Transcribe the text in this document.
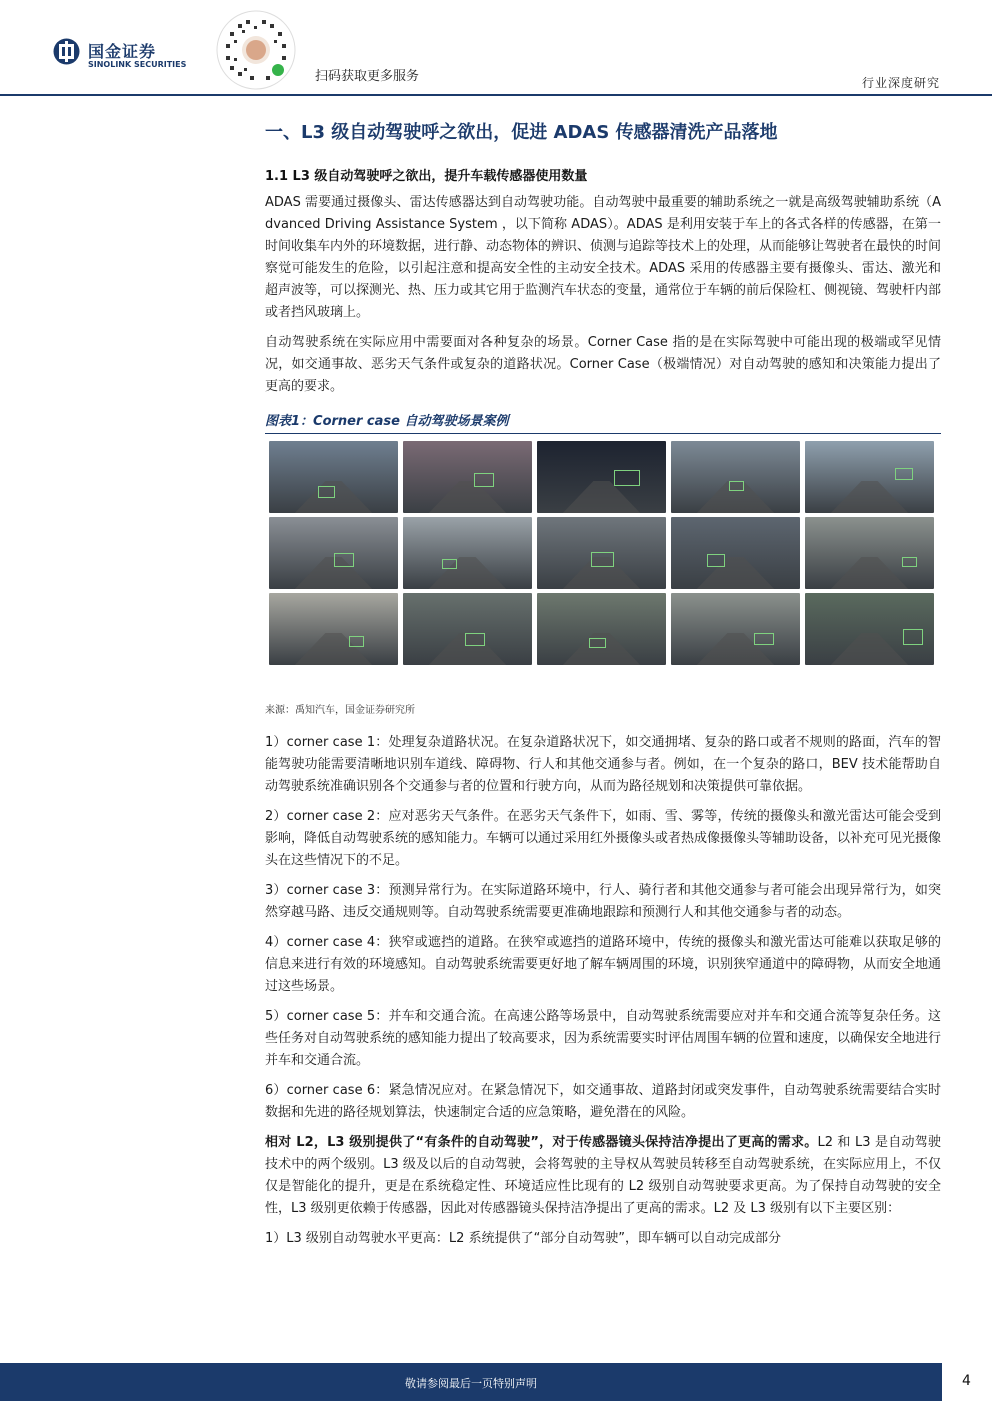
国金证券
SINOLINK SECURITIES
扫码获取更多服务	行业深度研究
一、L3 级自动驾驶呼之欲出，促进 ADAS 传感器清洗产品落地
1.1 L3 级自动驾驶呼之欲出，提升车载传感器使用数量

ADAS 需要通过摄像头、雷达传感器达到自动驾驶功能。自动驾驶中最重要的辅助系统之一就是高级驾驶辅助系统（Advanced Driving Assistance System ，以下简称 ADAS）。ADAS 是利用安装于车上的各式各样的传感器，在第一时间收集车内外的环境数据，进行静、动态物体的辨识、侦测与追踪等技术上的处理，从而能够让驾驶者在最快的时间察觉可能发生的危险，以引起注意和提高安全性的主动安全技术。ADAS 采用的传感器主要有摄像头、雷达、激光和超声波等，可以探测光、热、压力或其它用于监测汽车状态的变量，通常位于车辆的前后保险杠、侧视镜、驾驶杆内部或者挡风玻璃上。

自动驾驶系统在实际应用中需要面对各种复杂的场景。Corner Case 指的是在实际驾驶中可能出现的极端或罕见情况，如交通事故、恶劣天气条件或复杂的道路状况。Corner Case（极端情况）对自动驾驶的感知和决策能力提出了更高的要求。

图表1：Corner case 自动驾驶场景案例
来源：禹知汽车，国金证券研究所

1）corner case 1：处理复杂道路状况。在复杂道路状况下，如交通拥堵、复杂的路口或者不规则的路面，汽车的智能驾驶功能需要清晰地识别车道线、障碍物、行人和其他交通参与者。例如，在一个复杂的路口，BEV 技术能帮助自动驾驶系统准确识别各个交通参与者的位置和行驶方向，从而为路径规划和决策提供可靠依据。

2）corner case 2：应对恶劣天气条件。在恶劣天气条件下，如雨、雪、雾等，传统的摄像头和激光雷达可能会受到影响，降低自动驾驶系统的感知能力。车辆可以通过采用红外摄像头或者热成像摄像头等辅助设备，以补充可见光摄像头在这些情况下的不足。

3）corner case 3：预测异常行为。在实际道路环境中，行人、骑行者和其他交通参与者可能会出现异常行为，如突然穿越马路、违反交通规则等。自动驾驶系统需要更准确地跟踪和预测行人和其他交通参与者的动态。

4）corner case 4：狭窄或遮挡的道路。在狭窄或遮挡的道路环境中，传统的摄像头和激光雷达可能难以获取足够的信息来进行有效的环境感知。自动驾驶系统需要更好地了解车辆周围的环境，识别狭窄通道中的障碍物，从而安全地通过这些场景。

5）corner case 5：并车和交通合流。在高速公路等场景中，自动驾驶系统需要应对并车和交通合流等复杂任务。这些任务对自动驾驶系统的感知能力提出了较高要求，因为系统需要实时评估周围车辆的位置和速度，以确保安全地进行并车和交通合流。

6）corner case 6：紧急情况应对。在紧急情况下，如交通事故、道路封闭或突发事件，自动驾驶系统需要结合实时数据和先进的路径规划算法，快速制定合适的应急策略，避免潜在的风险。

相对 L2，L3 级别提供了“有条件的自动驾驶”，对于传感器镜头保持洁净提出了更高的需求。L2 和 L3 是自动驾驶技术中的两个级别。L3 级及以后的自动驾驶，会将驾驶的主导权从驾驶员转移至自动驾驶系统，在实际应用上，不仅仅是智能化的提升，更是在系统稳定性、环境适应性比现有的 L2 级别自动驾驶要求更高。为了保持自动驾驶的安全性，L3 级别更依赖于传感器，因此对传感器镜头保持洁净提出了更高的需求。L2 及 L3 级别有以下主要区别：

1）L3 级别自动驾驶水平更高：L2 系统提供了“部分自动驾驶”，即车辆可以自动完成部分

敬请参阅最后一页特别声明	4
